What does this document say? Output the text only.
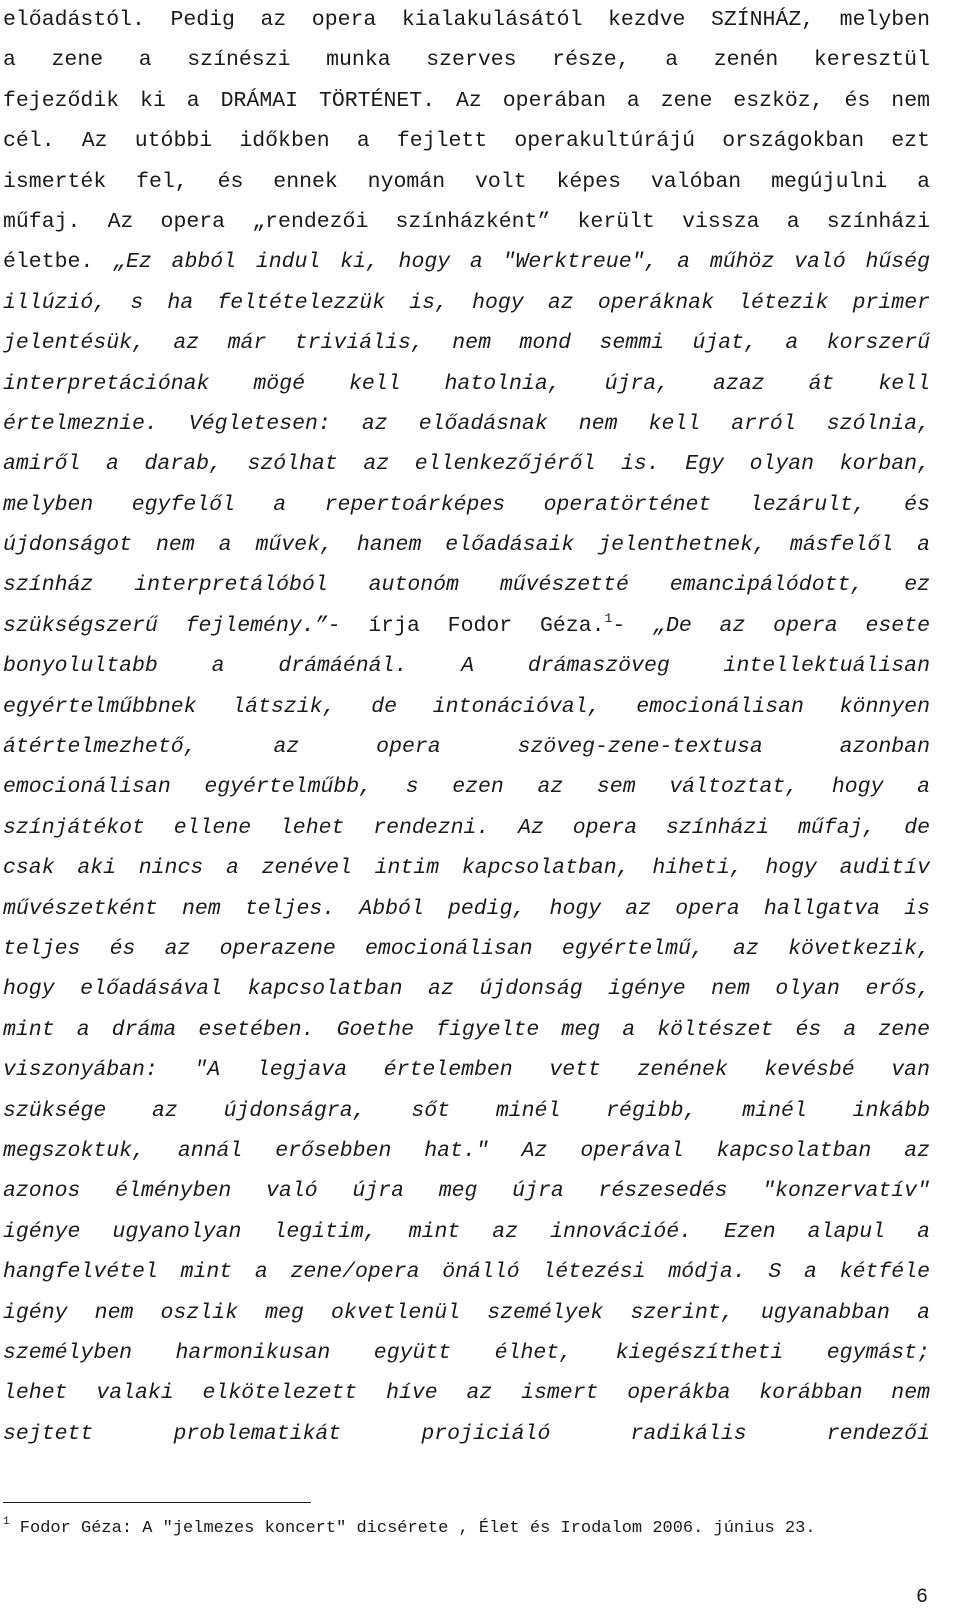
előadástól. Pedig az opera kialakulásától kezdve SZÍNHÁZ, melyben
a zene a színészi munka szerves része, a zenén keresztül
fejeződik ki a DRÁMAI TÖRTÉNET. Az operában a zene eszköz, és nem
cél. Az utóbbi időkben a fejlett operakultúrájú országokban ezt
ismerték fel, és ennek nyomán volt képes valóban megújulni a
műfaj. Az opera „rendezői színházként” került vissza a színházi
életbe. „Ez abból indul ki, hogy a "Werktreue", a műhöz való hűség
illúzió, s ha feltételezzük is, hogy az operáknak létezik primer
jelentésük, az már triviális, nem mond semmi újat, a korszerű
interpretációnak mögé kell hatolnia, újra, azaz át kell
értelmeznie. Végletesen: az előadásnak nem kell arról szólnia,
amiről a darab, szólhat az ellenkezőjéről is. Egy olyan korban,
melyben egyfelől a repertoárképes operatörténet lezárult, és
újdonságot nem a művek, hanem előadásaik jelenthetnek, másfelől a
színház interpretálóból autonóm művészetté emancipálódott, ez
szükségszerű fejlemény.”- írja Fodor Géza.$^1$- „De az opera esete
bonyolultabb a drámáénál. A drámaszöveg intellektuálisan
egyértelműbbnek látszik, de intonációval, emocionálisan könnyen
átértelmezhető, az opera szöveg-zene-textusa azonban
emocionálisan egyértelműbb, s ezen az sem változtat, hogy a
színjátékot ellene lehet rendezni. Az opera színházi műfaj, de
csak aki nincs a zenével intim kapcsolatban, hiheti, hogy auditív
művészetként nem teljes. Abból pedig, hogy az opera hallgatva is
teljes és az operazene emocionálisan egyértelmű, az következik,
hogy előadásával kapcsolatban az újdonság igénye nem olyan erős,
mint a dráma esetében. Goethe figyelte meg a költészet és a zene
viszonyában: "A legjava értelemben vett zenének kevésbé van
szüksége az újdonságra, sőt minél régibb, minél inkább
megszoktuk, annál erősebben hat." Az operával kapcsolatban az
azonos élményben való újra meg újra részesedés "konzervatív"
igénye ugyanolyan legitim, mint az innovációé. Ezen alapul a
hangfelvétel mint a zene/opera önálló létezési módja. S a kétféle
igény nem oszlik meg okvetlenül személyek szerint, ugyanabban a
személyben harmonikusan együtt élhet, kiegészítheti egymást;
lehet valaki elkötelezett híve az ismert operákba korábban nem
sejtett problematikát projiciáló radikális rendezői
$^1$ Fodor Géza: A "jelmezes koncert" dicsérete , Élet és Irodalom 2006. június 23.
6
